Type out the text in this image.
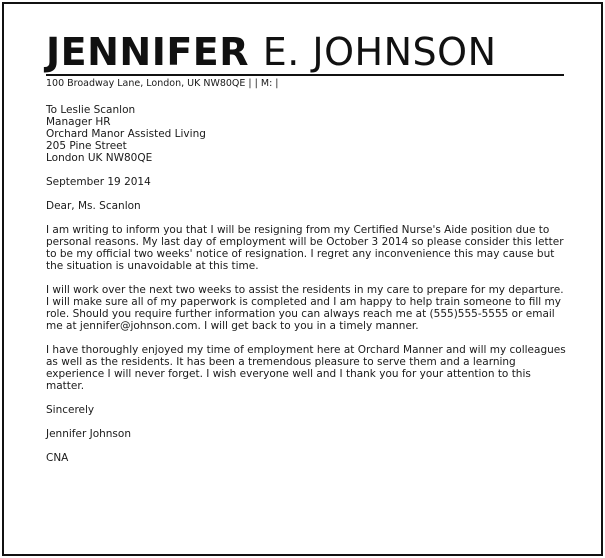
JENNIFER E. JOHNSON
100 Broadway Lane, London, UK NW80QE | | M: |

To Leslie Scanlon
Manager HR
Orchard Manor Assisted Living
205 Pine Street
London UK NW80QE

September 19 2014

Dear, Ms. Scanlon

I am writing to inform you that I will be resigning from my Certified Nurse's Aide position due to personal reasons. My last day of employment will be October 3 2014 so please consider this letter to be my official two weeks' notice of resignation. I regret any inconvenience this may cause but the situation is unavoidable at this time.

I will work over the next two weeks to assist the residents in my care to prepare for my departure. I will make sure all of my paperwork is completed and I am happy to help train someone to fill my role. Should you require further information you can always reach me at (555)555-5555 or email me at jennifer@johnson.com. I will get back to you in a timely manner.

I have thoroughly enjoyed my time of employment here at Orchard Manner and will my colleagues as well as the residents. It has been a tremendous pleasure to serve them and a learning experience I will never forget. I wish everyone well and I thank you for your attention to this matter.

Sincerely

Jennifer Johnson

CNA
